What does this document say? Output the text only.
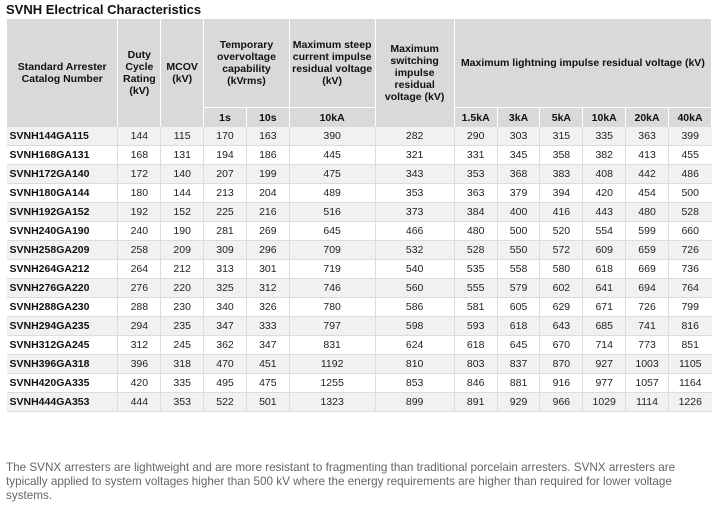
SVNH Electrical Characteristics
Standard Arrester Catalog Number	Duty Cycle Rating (kV)	MCOV (kV)	Temporary overvoltage capability (kVrms)		Maximum steep current impulse residual voltage (kV)	Maximum switching impulse residual voltage (kV)	Maximum lightning impulse residual voltage (kV)					
			1s	10s	10kA		1.5kA	3kA	5kA	10kA	20kA	40kA
SVNH144GA115	144	115	170	163	390	282	290	303	315	335	363	399
SVNH168GA131	168	131	194	186	445	321	331	345	358	382	413	455
SVNH172GA140	172	140	207	199	475	343	353	368	383	408	442	486
SVNH180GA144	180	144	213	204	489	353	363	379	394	420	454	500
SVNH192GA152	192	152	225	216	516	373	384	400	416	443	480	528
SVNH240GA190	240	190	281	269	645	466	480	500	520	554	599	660
SVNH258GA209	258	209	309	296	709	532	528	550	572	609	659	726
SVNH264GA212	264	212	313	301	719	540	535	558	580	618	669	736
SVNH276GA220	276	220	325	312	746	560	555	579	602	641	694	764
SVNH288GA230	288	230	340	326	780	586	581	605	629	671	726	799
SVNH294GA235	294	235	347	333	797	598	593	618	643	685	741	816
SVNH312GA245	312	245	362	347	831	624	618	645	670	714	773	851
SVNH396GA318	396	318	470	451	1192	810	803	837	870	927	1003	1105
SVNH420GA335	420	335	495	475	1255	853	846	881	916	977	1057	1164
SVNH444GA353	444	353	522	501	1323	899	891	929	966	1029	1114	1226
The SVNX arresters are lightweight and are more resistant to fragmenting than traditional porcelain arresters. SVNX arresters are typically applied to system voltages higher than 500 kV where the energy requirements are higher than required for lower voltage systems.
